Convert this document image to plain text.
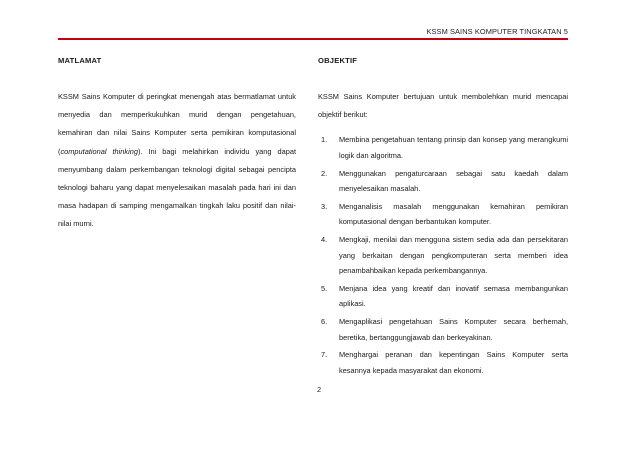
KSSM SAINS KOMPUTER TINGKATAN 5
MATLAMAT

KSSM Sains Komputer di peringkat menengah atas bermatlamat untuk menyedia dan memperkukuhkan murid dengan pengetahuan, kemahiran dan nilai Sains Komputer serta pemikiran komputasional (computational thinking). Ini bagi melahirkan individu yang dapat menyumbang dalam perkembangan teknologi digital sebagai pencipta teknologi baharu yang dapat menyelesaikan masalah pada hari ini dan masa hadapan di samping mengamalkan tingkah laku positif dan nilai-nilai murni.

OBJEKTIF

KSSM Sains Komputer bertujuan untuk membolehkan murid mencapai objektif berikut:

1.	Membina pengetahuan tentang prinsip dan konsep yang merangkumi logik dan algoritma.
2.	Menggunakan pengaturcaraan sebagai satu kaedah dalam menyelesaikan masalah.
3.	Menganalisis masalah menggunakan kemahiran pemikiran komputasional dengan berbantukan komputer.
4.	Mengkaji, menilai dan mengguna sistem sedia ada dan persekitaran yang berkaitan dengan pengkomputeran serta memberi idea penambahbaikan kepada perkembangannya.
5.	Menjana idea yang kreatif dan inovatif semasa membangunkan aplikasi.
6.	Mengaplikasi pengetahuan Sains Komputer secara berhemah, beretika, bertanggungjawab dan berkeyakinan.
7.	Menghargai peranan dan kepentingan Sains Komputer serta kesannya kepada masyarakat dan ekonomi.
2
